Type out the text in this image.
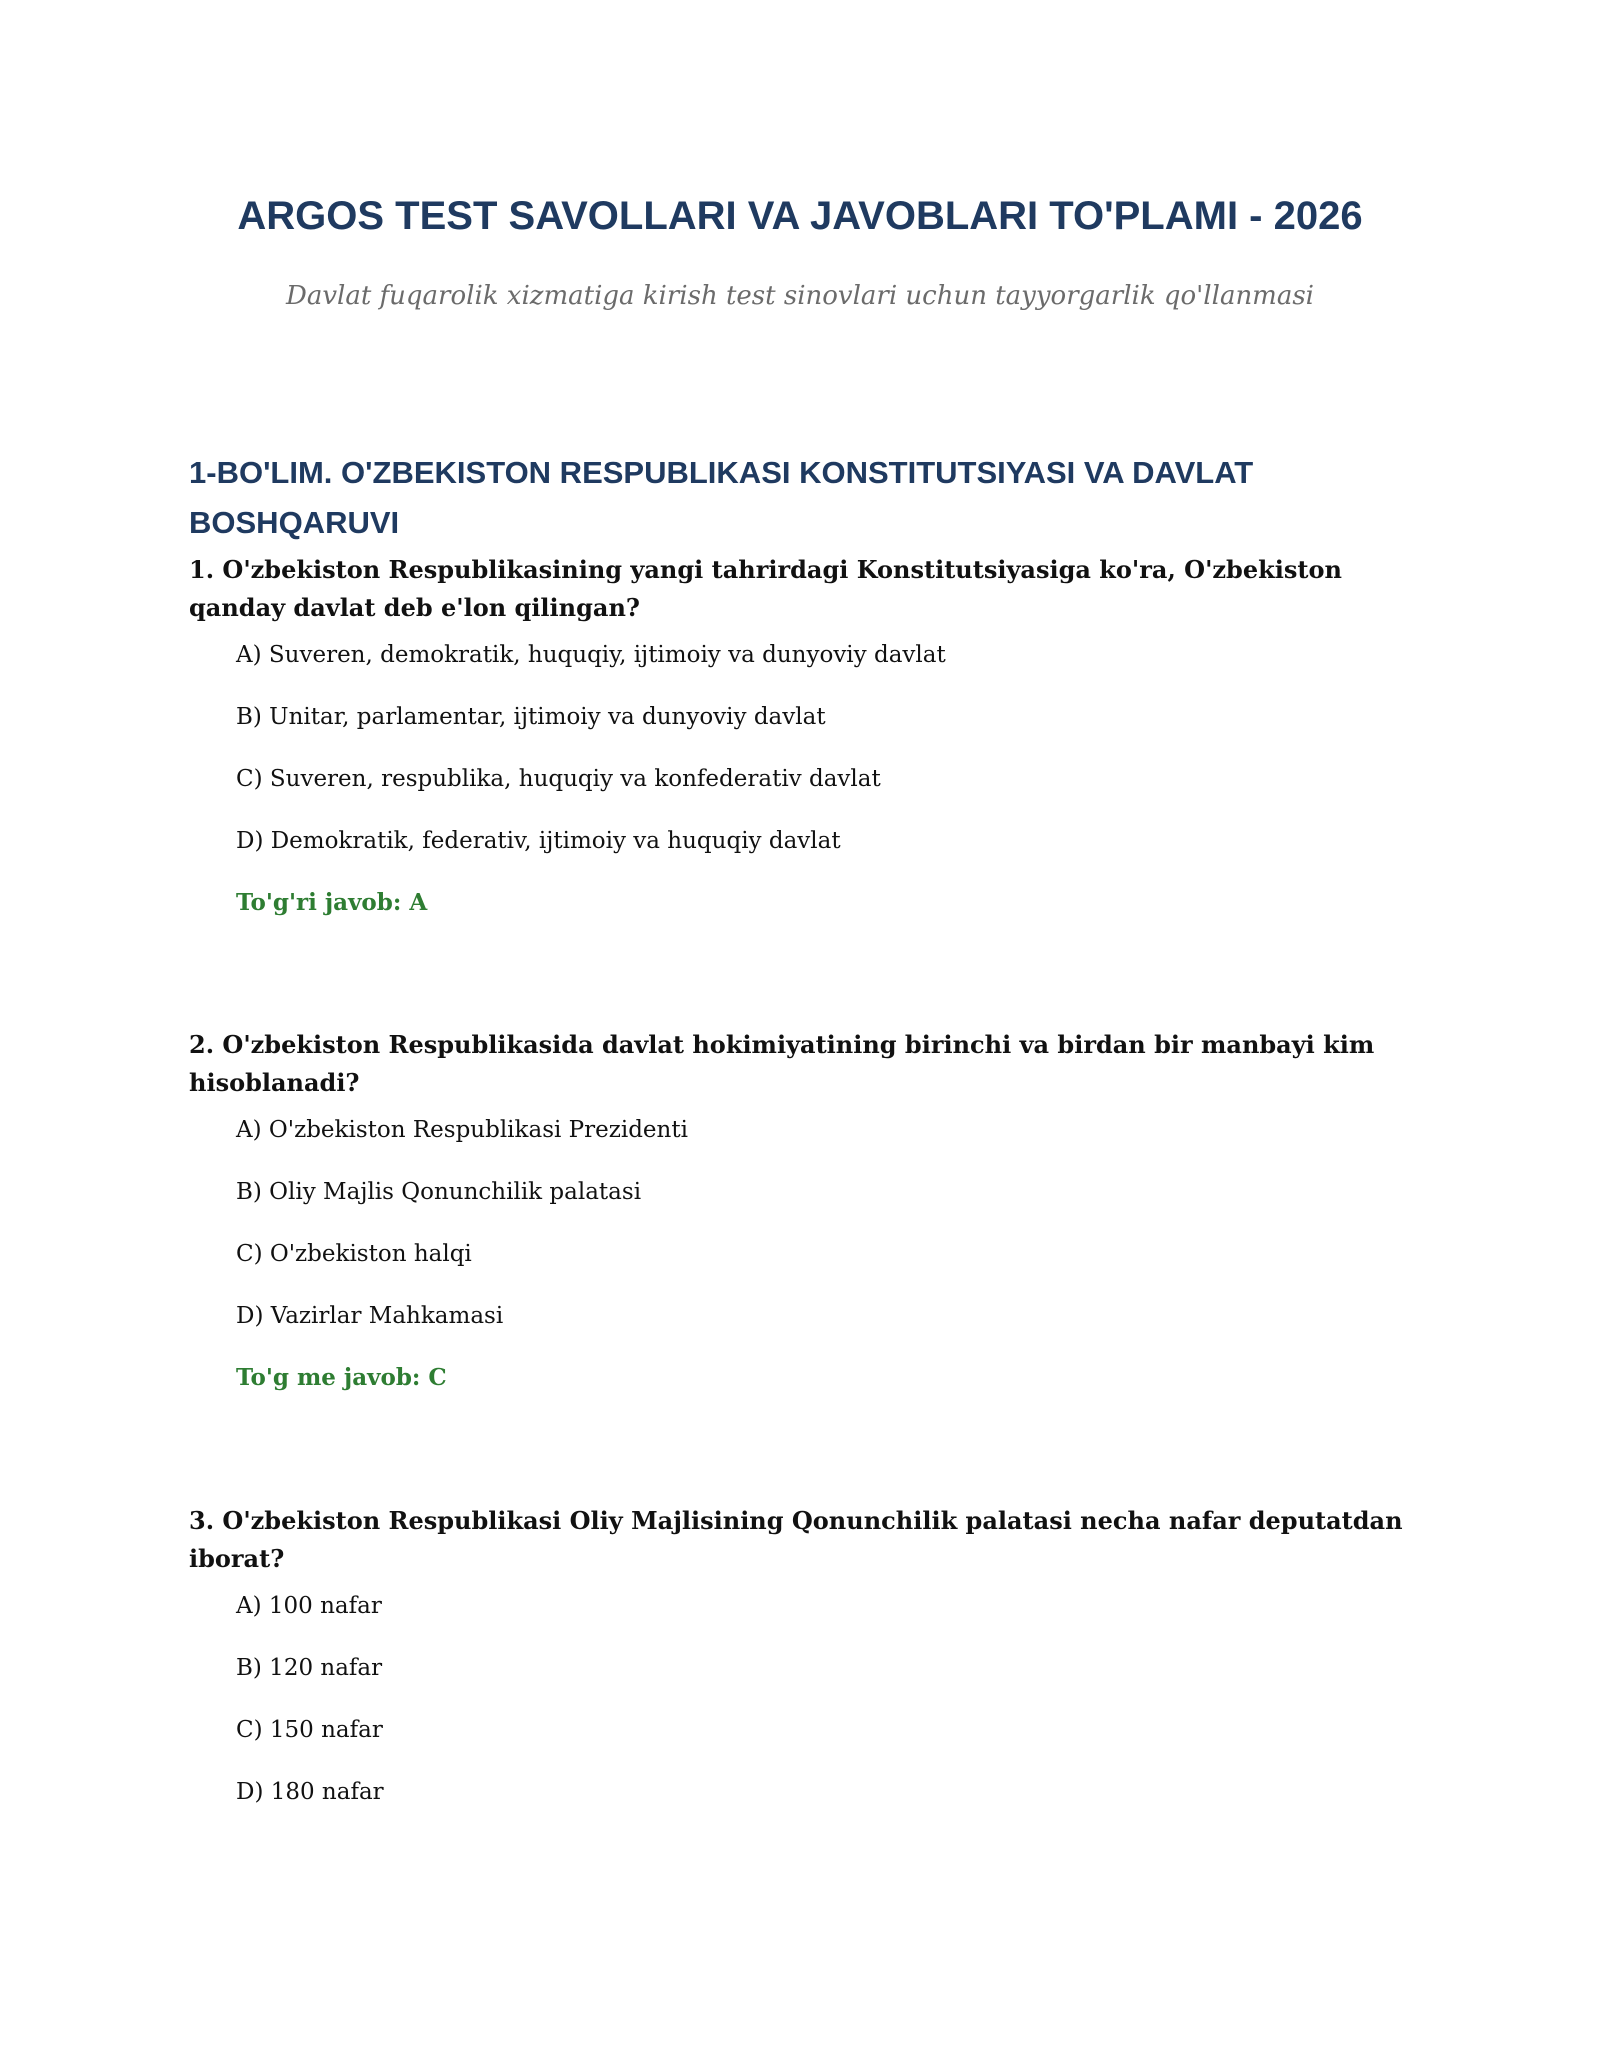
ARGOS TEST SAVOLLARI VA JAVOBLARI TO'PLAMI - 2026

Davlat fuqarolik xizmatiga kirish test sinovlari uchun tayyorgarlik qo'llanmasi

1-BO'LIM. O'ZBEKISTON RESPUBLIKASI KONSTITUTSIYASI VA DAVLAT BOSHQARUVI

1. O'zbekiston Respublikasining yangi tahrirdagi Konstitutsiyasiga ko'ra, O'zbekiston qanday davlat deb e'lon qilingan?

A) Suveren, demokratik, huquqiy, ijtimoiy va dunyoviy davlat
B) Unitar, parlamentar, ijtimoiy va dunyoviy davlat
C) Suveren, respublika, huquqiy va konfederativ davlat
D) Demokratik, federativ, ijtimoiy va huquqiy davlat

To'g'ri javob: A

2. O'zbekiston Respublikasida davlat hokimiyatining birinchi va birdan bir manbayi kim hisoblanadi?

A) O'zbekiston Respublikasi Prezidenti
B) Oliy Majlis Qonunchilik palatasi
C) O'zbekiston halqi
D) Vazirlar Mahkamasi

To'g me javob: C

3. O'zbekiston Respublikasi Oliy Majlisining Qonunchilik palatasi necha nafar deputatdan iborat?

A) 100 nafar
B) 120 nafar
C) 150 nafar
D) 180 nafar
